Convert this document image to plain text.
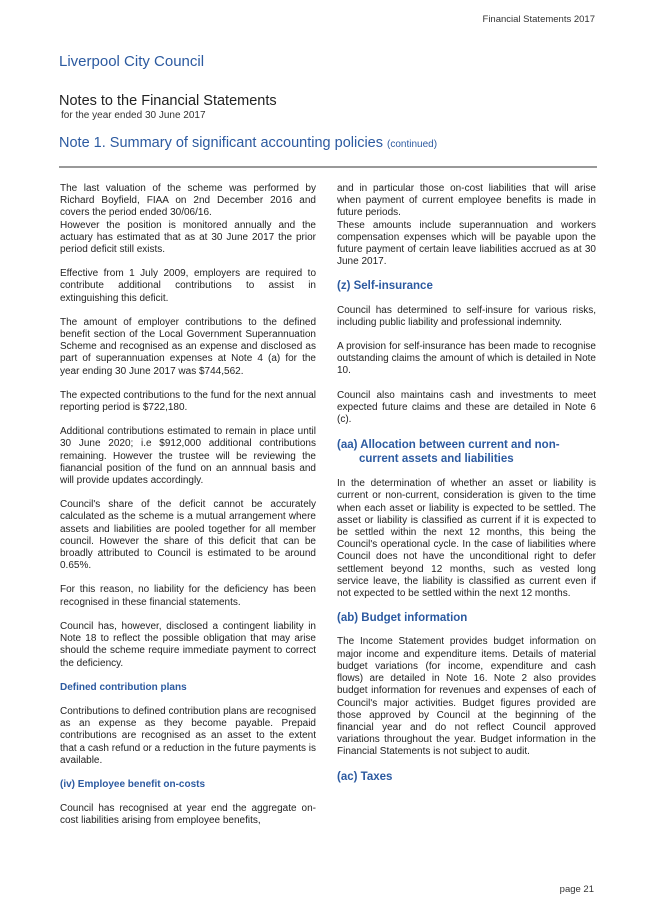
Financial Statements 2017
Liverpool City Council
Notes to the Financial Statements
for the year ended 30 June 2017
Note 1. Summary of significant accounting policies (continued)

The last valuation of the scheme was performed by Richard Boyfield, FIAA on 2nd December 2016 and covers the period ended 30/06/16.

However the position is monitored annually and the actuary has estimated that as at 30 June 2017 the prior period deficit still exists.

Effective from 1 July 2009, employers are required to contribute additional contributions to assist in extinguishing this deficit.

The amount of employer contributions to the defined benefit section of the Local Government Superannuation Scheme and recognised as an expense and disclosed as part of superannuation expenses at Note 4 (a) for the year ending 30 June 2017 was $744,562.

The expected contributions to the fund for the next annual reporting period is $722,180.

Additional contributions estimated to remain in place until 30 June 2020; i.e $912,000 additional contributions remaining. However the trustee will be reviewing the fianancial position of the fund on an annnual basis and will provide updates accordingly.

Council's share of the deficit cannot be accurately calculated as the scheme is a mutual arrangement where assets and liabilities are pooled together for all member council. However the share of this deficit that can be broadly attributed to Council is estimated to be around 0.65%.

For this reason, no liability for the deficiency has been recognised in these financial statements.

Council has, however, disclosed a contingent liability in Note 18 to reflect the possible obligation that may arise should the scheme require immediate payment to correct the deficiency.

Defined contribution plans

Contributions to defined contribution plans are recognised as an expense as they become payable. Prepaid contributions are recognised as an asset to the extent that a cash refund or a reduction in the future payments is available.

(iv) Employee benefit on-costs

Council has recognised at year end the aggregate on-cost liabilities arising from employee benefits,

and in particular those on-cost liabilities that will arise when payment of current employee benefits is made in future periods.

These amounts include superannuation and workers compensation expenses which will be payable upon the future payment of certain leave liabilities accrued as at 30 June 2017.

(z) Self-insurance

Council has determined to self-insure for various risks, including public liability and professional indemnity.

A provision for self-insurance has been made to recognise outstanding claims the amount of which is detailed in Note 10.

Council also maintains cash and investments to meet expected future claims and these are detailed in Note 6 (c).

(aa) Allocation between current and non-current assets and liabilities

In the determination of whether an asset or liability is current or non-current, consideration is given to the time when each asset or liability is expected to be settled. The asset or liability is classified as current if it is expected to be settled within the next 12 months, this being the Council's operational cycle. In the case of liabilities where Council does not have the unconditional right to defer settlement beyond 12 months, such as vested long service leave, the liability is classified as current even if not expected to be settled within the next 12 months.

(ab) Budget information

The Income Statement provides budget information on major income and expenditure items. Details of material budget variations (for income, expenditure and cash flows) are detailed in Note 16. Note 2 also provides budget information for revenues and expenses of each of Council's major activities. Budget figures provided are those approved by Council at the beginning of the financial year and do not reflect Council approved variations throughout the year. Budget information in the Financial Statements is not subject to audit.

(ac) Taxes
page 21
